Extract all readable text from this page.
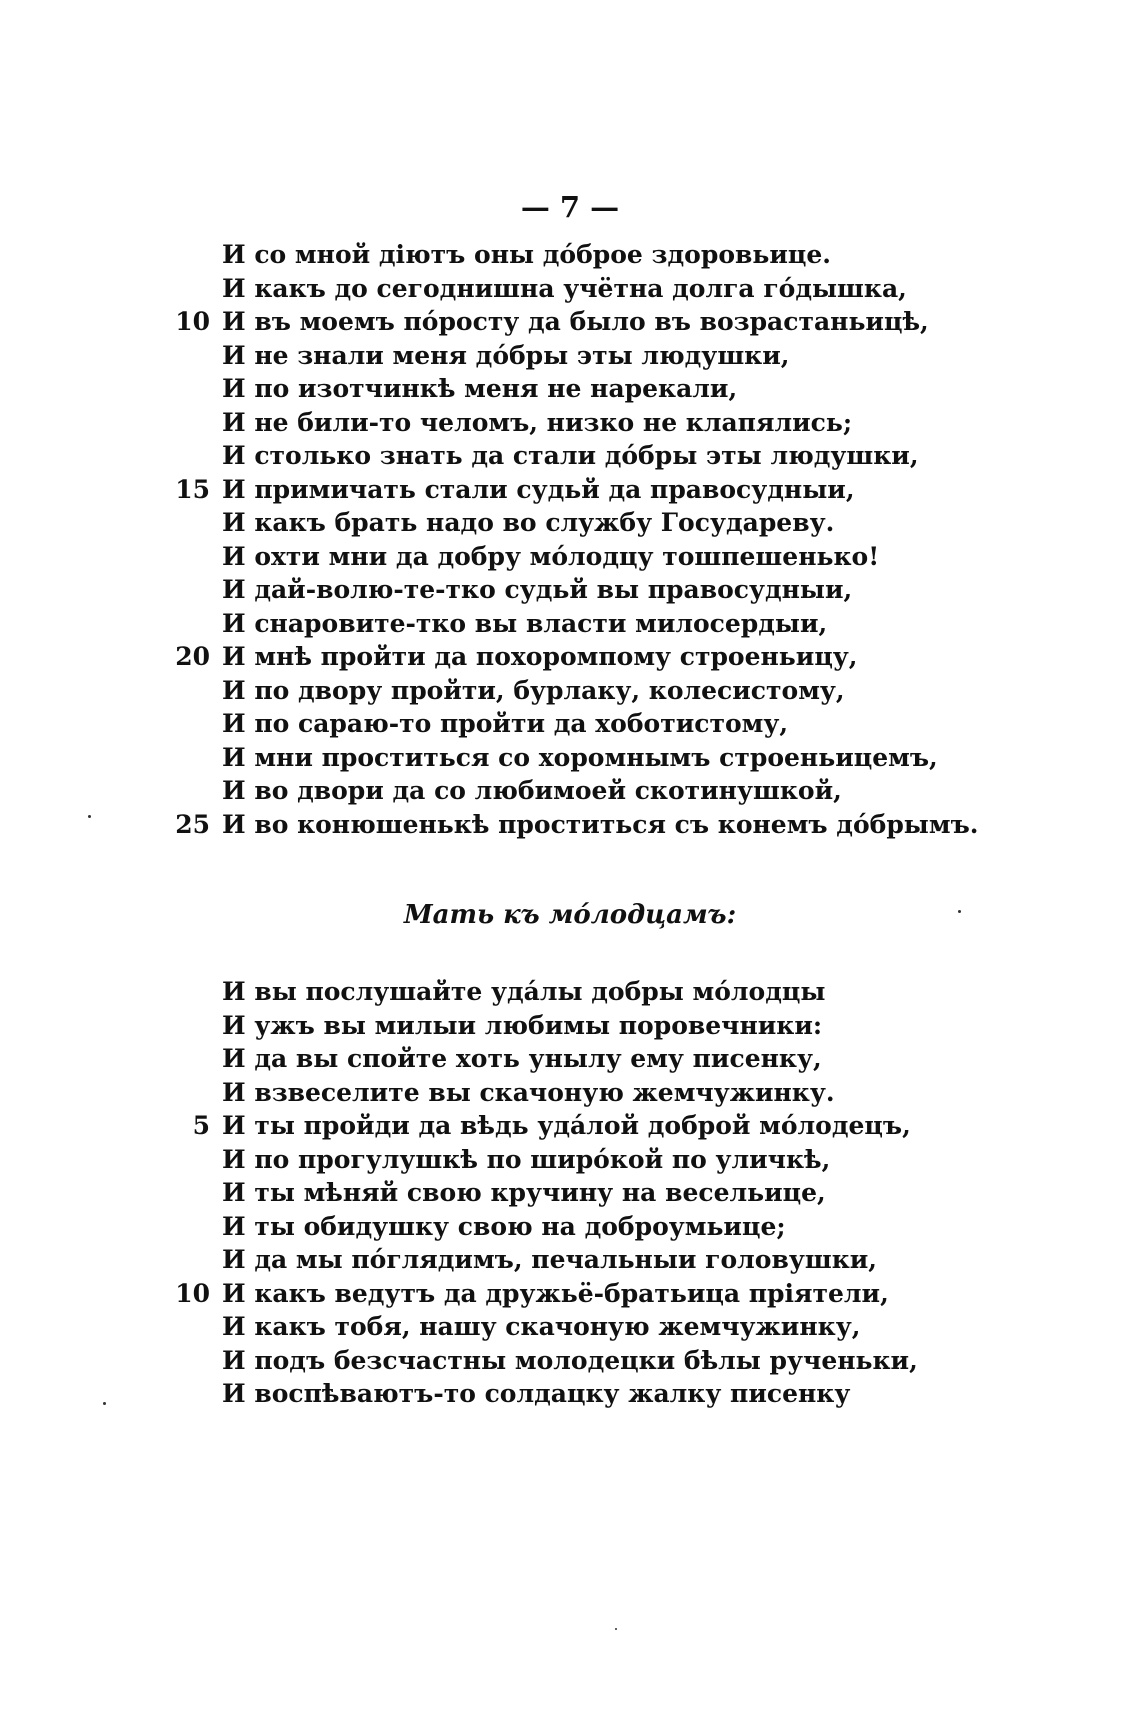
— 7 —
И со мной дiютъ оны дóброе здоровьице.
И какъ до сегоднишна учётна долга гóдышка,
10 И въ моемъ пóросту да было въ возрастаньицѣ,
И не знали меня дóбры эты людушки,
И по изотчинкѣ меня не нарекали,
И не били-то челомъ, низко не клапялись;
И столько знать да стали дóбры эты людушки,
15 И примичать стали судьй да правосудныи,
И какъ брать надо во службу Государеву.
И охти мни да добру мóлодцу тошпешенько!
И дай-волю-те-тко судьй вы правосудныи,
И снаровите-тко вы власти милосердыи,
20 И мнѣ пройти да похоромпому строеньицу,
И по двору пройти, бурлаку, колесистому,
И по сараю-то пройти да хоботистому,
И мни проститься со хоромнымъ строеньицемъ,
И во двори да со любимоей скотинушкой,
25 И во конюшенькѣ проститься съ конемъ дóбрымъ.
Мать къ мóлодцамъ:
И вы послушайте удáлы добры мóлодцы
И ужъ вы милыи любимы поровечники:
И да вы спойте хоть унылу ему писенку,
И взвеселите вы скачоную жемчужинку.
5 И ты пройди да вѣдь удáлой доброй мóлодецъ,
И по прогулушкѣ по ширóкой по уличкѣ,
И ты мѣняй свою кручину на весельице,
И ты обидушку свою на доброумьице;
И да мы пóглядимъ, печальныи головушки,
10 И какъ ведутъ да дружьё-братьица прiятели,
И какъ тобя, нашу скачоную жемчужинку,
И подъ безсчастны молодецки бѣлы рученьки,
И воспѣваютъ-то солдацку жалку писенку
